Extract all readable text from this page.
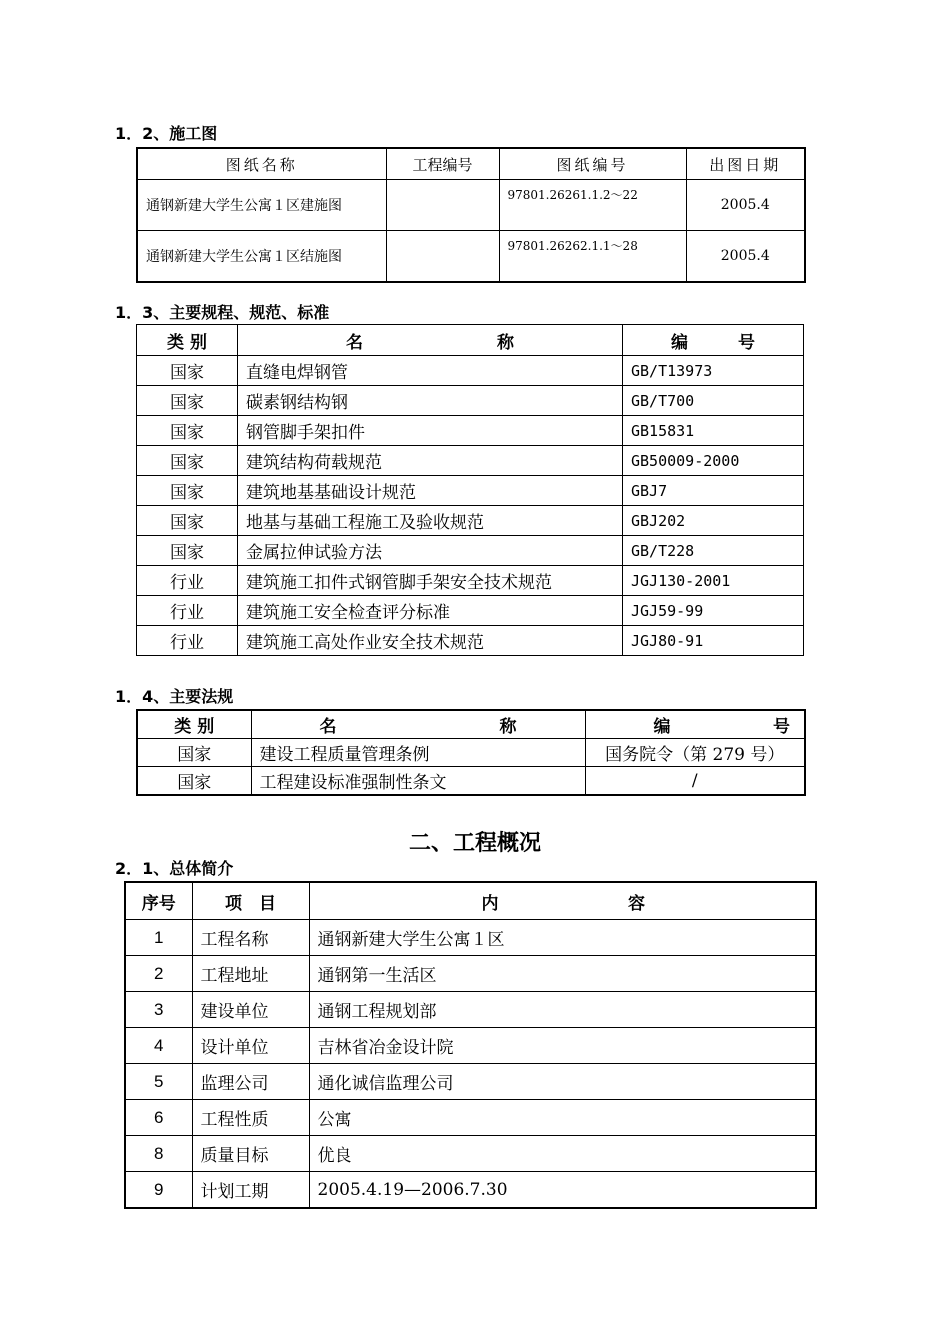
1．2、施工图
图纸名称	工程编号	图纸编号	出图日期
通钢新建大学生公寓１区建施图		97801.26261.1.2～22	2005.4
通钢新建大学生公寓１区结施图		97801.26262.1.1～28	2005.4
1．3、主要规程、规范、标准
类 别	名 称	编 号

国家	直缝电焊钢管	GB/T13973
国家	碳素钢结构钢	GB/T700
国家	钢管脚手架扣件	GB15831
国家	建筑结构荷载规范	GB50009-2000
国家	建筑地基基础设计规范	GBJ7
国家	地基与基础工程施工及验收规范	GBJ202
国家	金属拉伸试验方法	GB/T228
行业	建筑施工扣件式钢管脚手架安全技术规范	JGJ130-2001
行业	建筑施工安全检查评分标准	JGJ59-99
行业	建筑施工高处作业安全技术规范	JGJ80-91
1．4、主要法规
类 别	名 称	编 号

国家	建设工程质量管理条例	国务院令（第 279 号）
国家	工程建设标准强制性条文	/
二、工程概况
2．1、总体简介
序号	项　目	内 容

1	工程名称	通钢新建大学生公寓１区
2	工程地址	通钢第一生活区
3	建设单位	通钢工程规划部
4	设计单位	吉林省冶金设计院
5	监理公司	通化诚信监理公司
6	工程性质	公寓
8	质量目标	优良
9	计划工期	2005.4.19—2006.7.30
